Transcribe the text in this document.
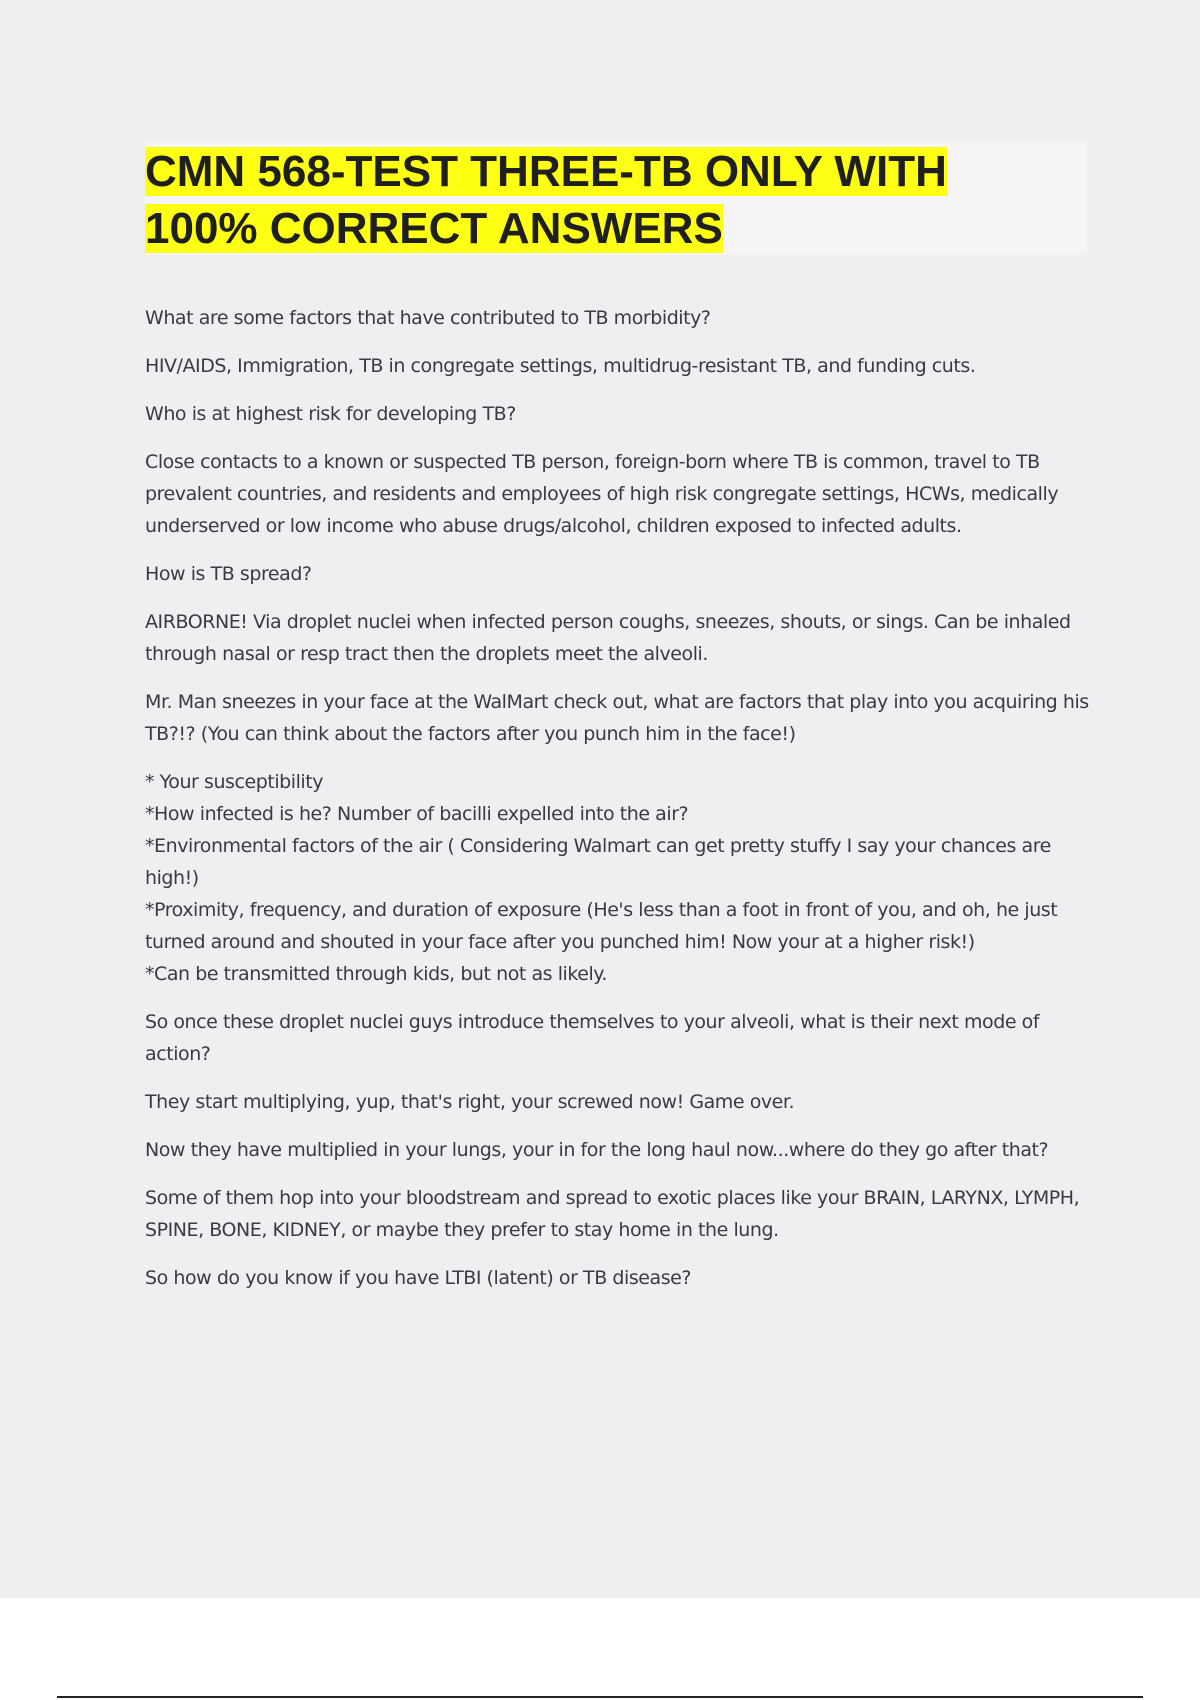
CMN 568-TEST THREE-TB ONLY WITH
100% CORRECT ANSWERS

What are some factors that have contributed to TB morbidity?

HIV/AIDS, Immigration, TB in congregate settings, multidrug-resistant TB, and funding cuts.

Who is at highest risk for developing TB?

Close contacts to a known or suspected TB person, foreign-born where TB is common, travel to TB prevalent countries, and residents and employees of high risk congregate settings, HCWs, medically underserved or low income who abuse drugs/alcohol, children exposed to infected adults.

How is TB spread?

AIRBORNE! Via droplet nuclei when infected person coughs, sneezes, shouts, or sings. Can be inhaled through nasal or resp tract then the droplets meet the alveoli.

Mr. Man sneezes in your face at the WalMart check out, what are factors that play into you acquiring his TB?!? (You can think about the factors after you punch him in the face!)

* Your susceptibility
*How infected is he? Number of bacilli expelled into the air?
*Environmental factors of the air ( Considering Walmart can get pretty stuffy I say your chances are high!)
*Proximity, frequency, and duration of exposure (He's less than a foot in front of you, and oh, he just turned around and shouted in your face after you punched him! Now your at a higher risk!)
*Can be transmitted through kids, but not as likely.

So once these droplet nuclei guys introduce themselves to your alveoli, what is their next mode of action?

They start multiplying, yup, that's right, your screwed now! Game over.

Now they have multiplied in your lungs, your in for the long haul now...where do they go after that?

Some of them hop into your bloodstream and spread to exotic places like your BRAIN, LARYNX, LYMPH, SPINE, BONE, KIDNEY, or maybe they prefer to stay home in the lung.

So how do you know if you have LTBI (latent) or TB disease?
